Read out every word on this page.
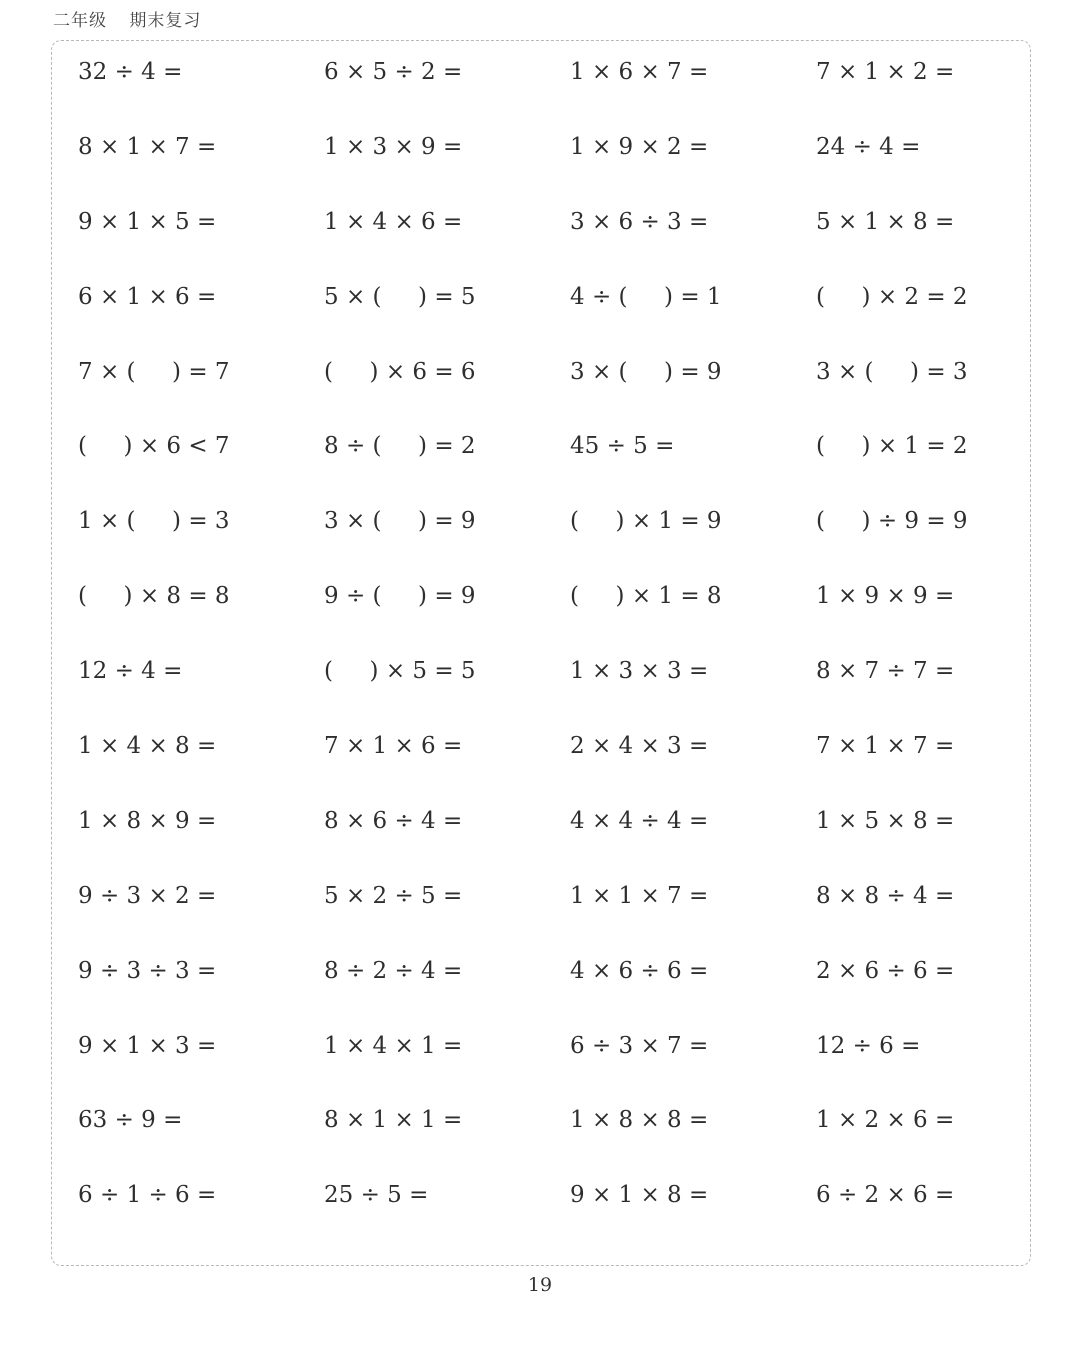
二年级 期末复习
32 ÷ 4 =	6 × 5 ÷ 2 =	1 × 6 × 7 =	7 × 1 × 2 =
8 × 1 × 7 =	1 × 3 × 9 =	1 × 9 × 2 =	24 ÷ 4 =
9 × 1 × 5 =	1 × 4 × 6 =	3 × 6 ÷ 3 =	5 × 1 × 8 =
6 × 1 × 6 =	5 × (     ) = 5	4 ÷ (     ) = 1	(     ) × 2 = 2
7 × (     ) = 7	(     ) × 6 = 6	3 × (     ) = 9	3 × (     ) = 3
(     ) × 6 < 7	8 ÷ (     ) = 2	45 ÷ 5 =	(     ) × 1 = 2
1 × (     ) = 3	3 × (     ) = 9	(     ) × 1 = 9	(     ) ÷ 9 = 9
(     ) × 8 = 8	9 ÷ (     ) = 9	(     ) × 1 = 8	1 × 9 × 9 =
12 ÷ 4 =	(     ) × 5 = 5	1 × 3 × 3 =	8 × 7 ÷ 7 =
1 × 4 × 8 =	7 × 1 × 6 =	2 × 4 × 3 =	7 × 1 × 7 =
1 × 8 × 9 =	8 × 6 ÷ 4 =	4 × 4 ÷ 4 =	1 × 5 × 8 =
9 ÷ 3 × 2 =	5 × 2 ÷ 5 =	1 × 1 × 7 =	8 × 8 ÷ 4 =
9 ÷ 3 ÷ 3 =	8 ÷ 2 ÷ 4 =	4 × 6 ÷ 6 =	2 × 6 ÷ 6 =
9 × 1 × 3 =	1 × 4 × 1 =	6 ÷ 3 × 7 =	12 ÷ 6 =
63 ÷ 9 =	8 × 1 × 1 =	1 × 8 × 8 =	1 × 2 × 6 =
6 ÷ 1 ÷ 6 =	25 ÷ 5 =	9 × 1 × 8 =	6 ÷ 2 × 6 =
19
